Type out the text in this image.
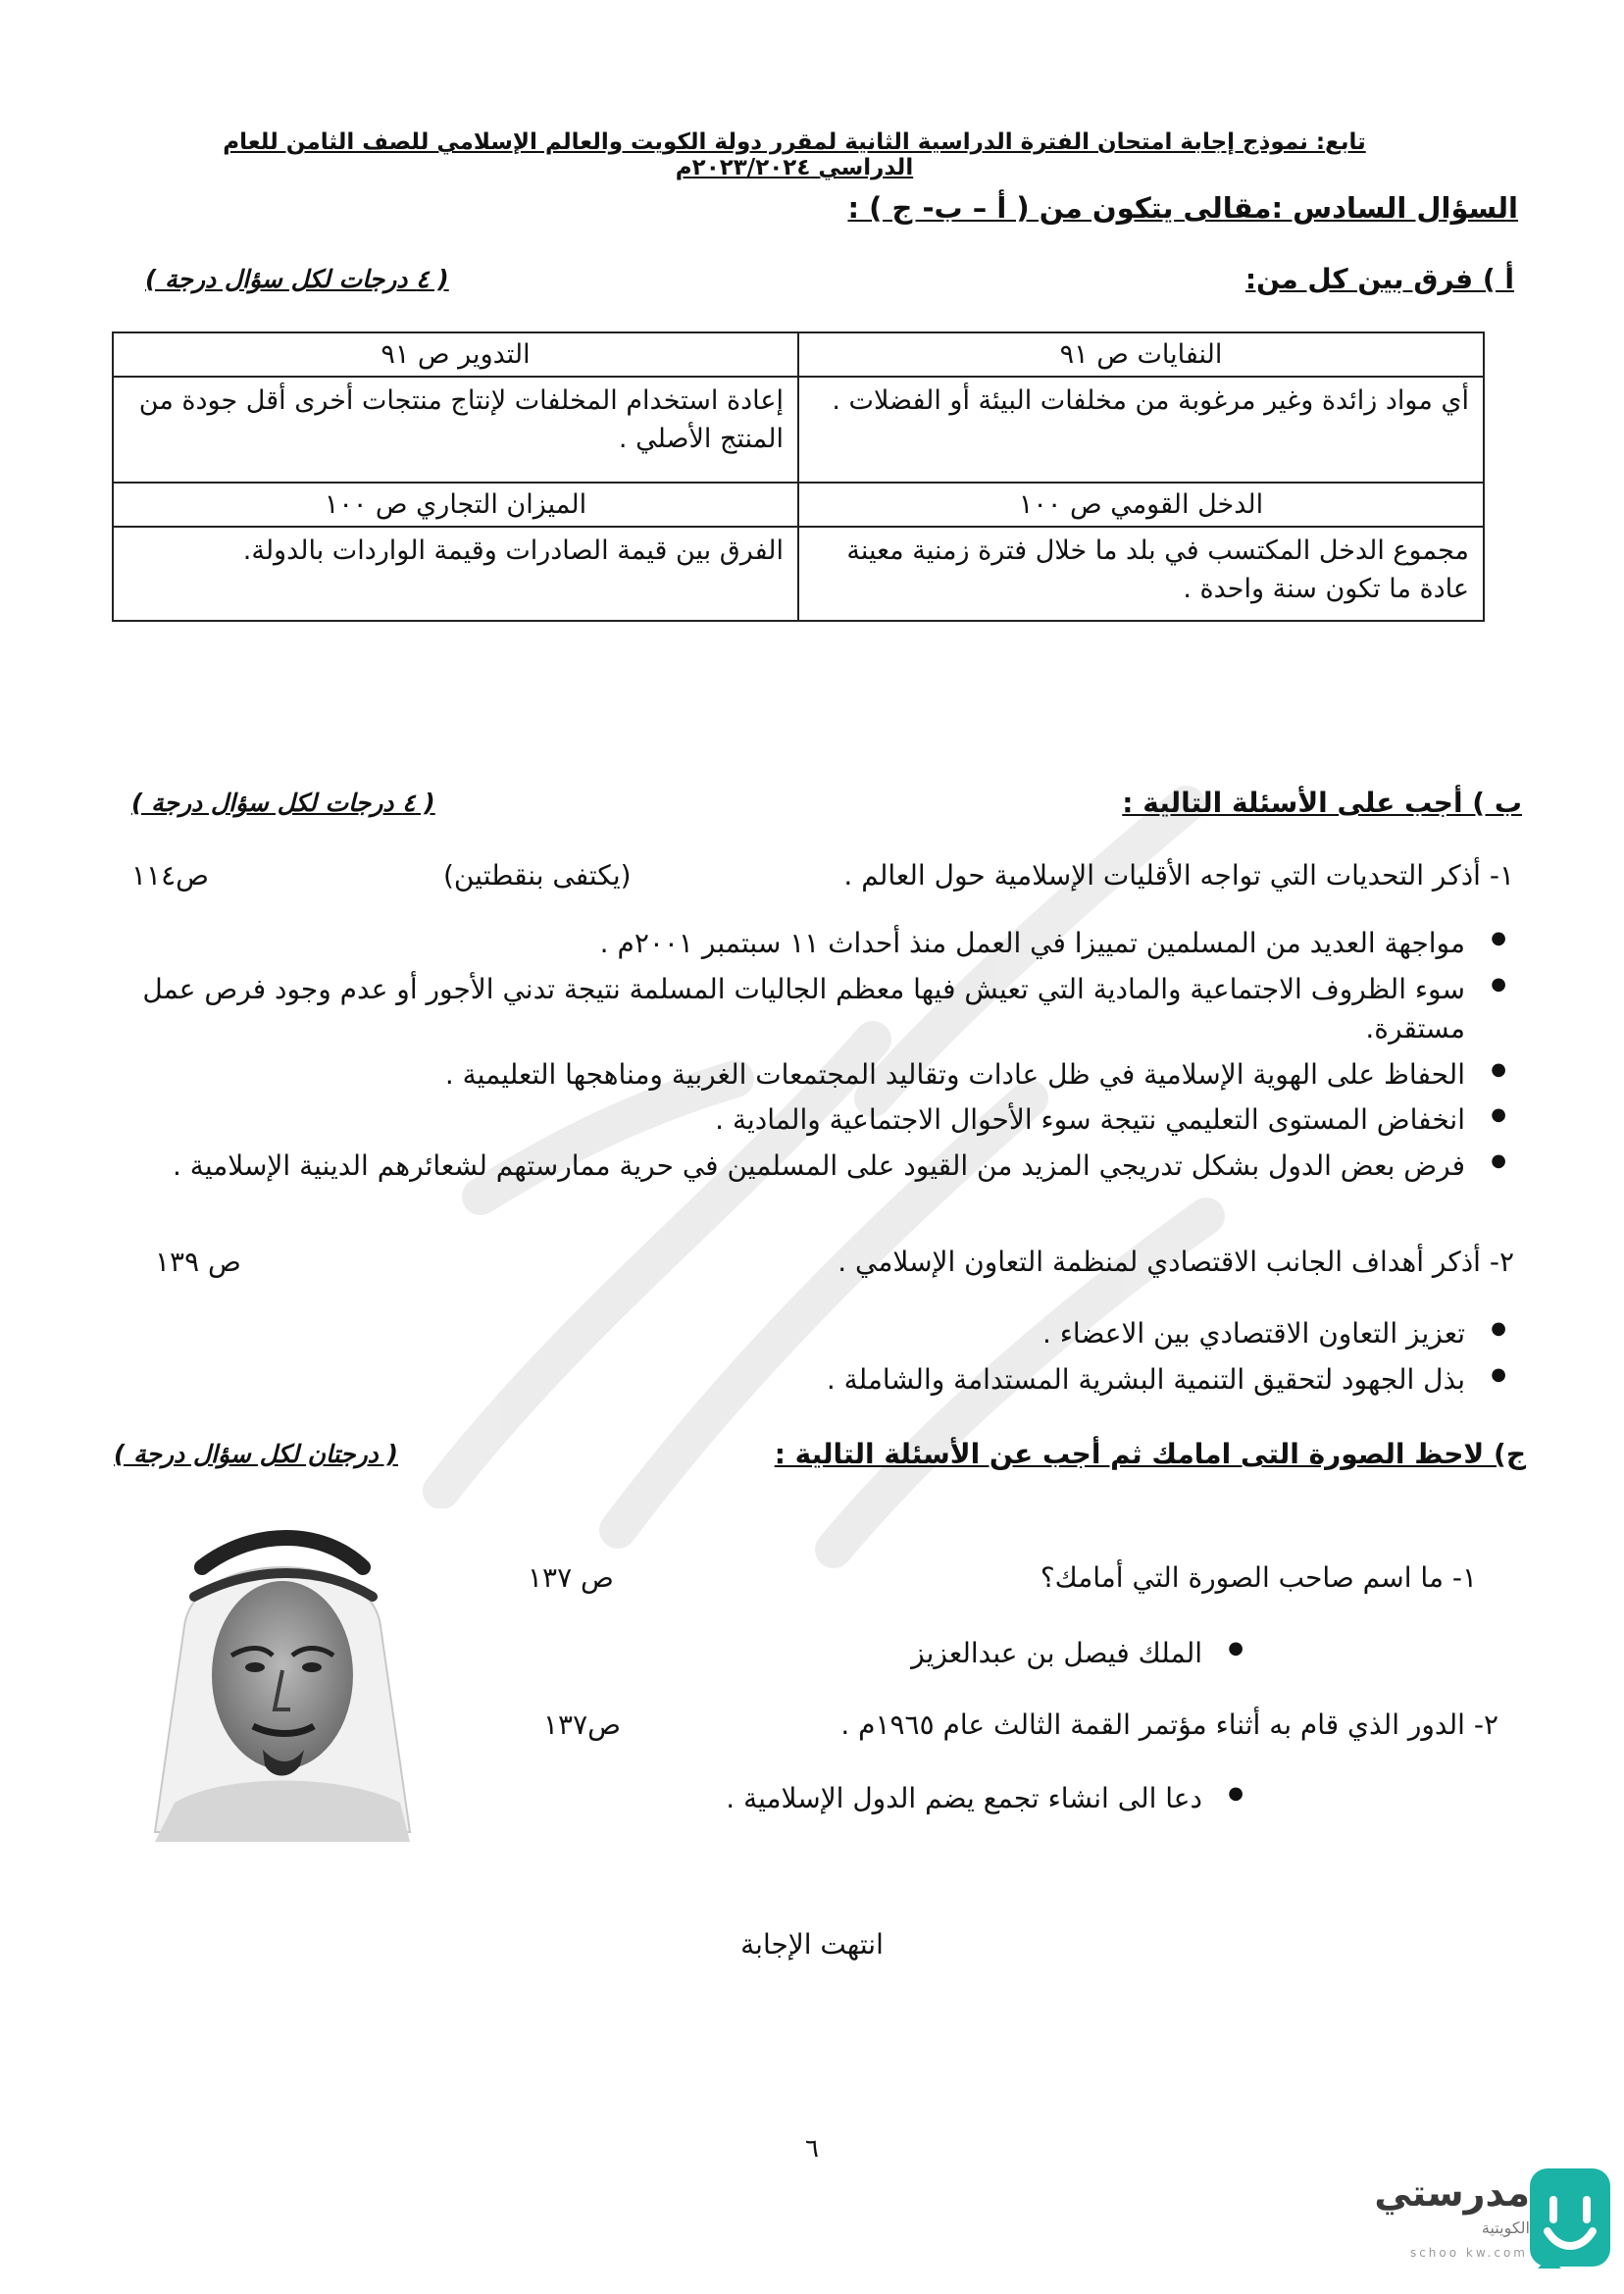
تابع: نموذج إجابة امتحان الفترة الدراسية الثانية لمقرر دولة الكويت والعالم الإسلامي للصف الثامن للعام الدراسي ٢٠٢٣/٢٠٢٤م
السؤال السادس :مقالى يتكون من ( أ – ب- ج ) :
أ ) فرق بين كل من:
( ٤ درجات لكل سؤال درجة )
النفايات ص ٩١	التدوير ص ٩١
أي مواد زائدة وغير مرغوبة من مخلفات البيئة أو الفضلات .	إعادة استخدام المخلفات لإنتاج منتجات أخرى أقل جودة من المنتج الأصلي .
الدخل القومي ص ١٠٠	الميزان التجاري ص ١٠٠
مجموع الدخل المكتسب في بلد ما خلال فترة زمنية معينة عادة ما تكون سنة واحدة .	الفرق بين قيمة الصادرات وقيمة الواردات بالدولة.
ب ) أجب على الأسئلة التالية :
( ٤ درجات لكل سؤال درجة )
١- أذكر التحديات التي تواجه الأقليات الإسلامية حول العالم .
(يكتفى بنقطتين)
ص١١٤
● مواجهة العديد من المسلمين تمييزا في العمل منذ أحداث ١١ سبتمبر ٢٠٠١م .
● سوء الظروف الاجتماعية والمادية التي تعيش فيها معظم الجاليات المسلمة نتيجة تدني الأجور أو عدم وجود فرص عمل مستقرة.
● الحفاظ على الهوية الإسلامية في ظل عادات وتقاليد المجتمعات الغربية ومناهجها التعليمية .
● انخفاض المستوى التعليمي نتيجة سوء الأحوال الاجتماعية والمادية .
● فرض بعض الدول بشكل تدريجي المزيد من القيود على المسلمين في حرية ممارستهم لشعائرهم الدينية الإسلامية .
٢- أذكر أهداف الجانب الاقتصادي لمنظمة التعاون الإسلامي .
ص ١٣٩
● تعزيز التعاون الاقتصادي بين الاعضاء .
● بذل الجهود لتحقيق التنمية البشرية المستدامة والشاملة .
ج) لاحظ الصورة التى امامك ثم أجب عن الأسئلة التالية :
( درجتان لكل سؤال درجة )
١- ما اسم صاحب الصورة التي أمامك؟
ص ١٣٧
● الملك فيصل بن عبدالعزيز
٢- الدور الذي قام به أثناء مؤتمر القمة الثالث عام ١٩٦٥م .
ص١٣٧
● دعا الى انشاء تجمع يضم الدول الإسلامية .
انتهت الإجابة
٦
مدرستي
الكويتية
schoo kw.com
